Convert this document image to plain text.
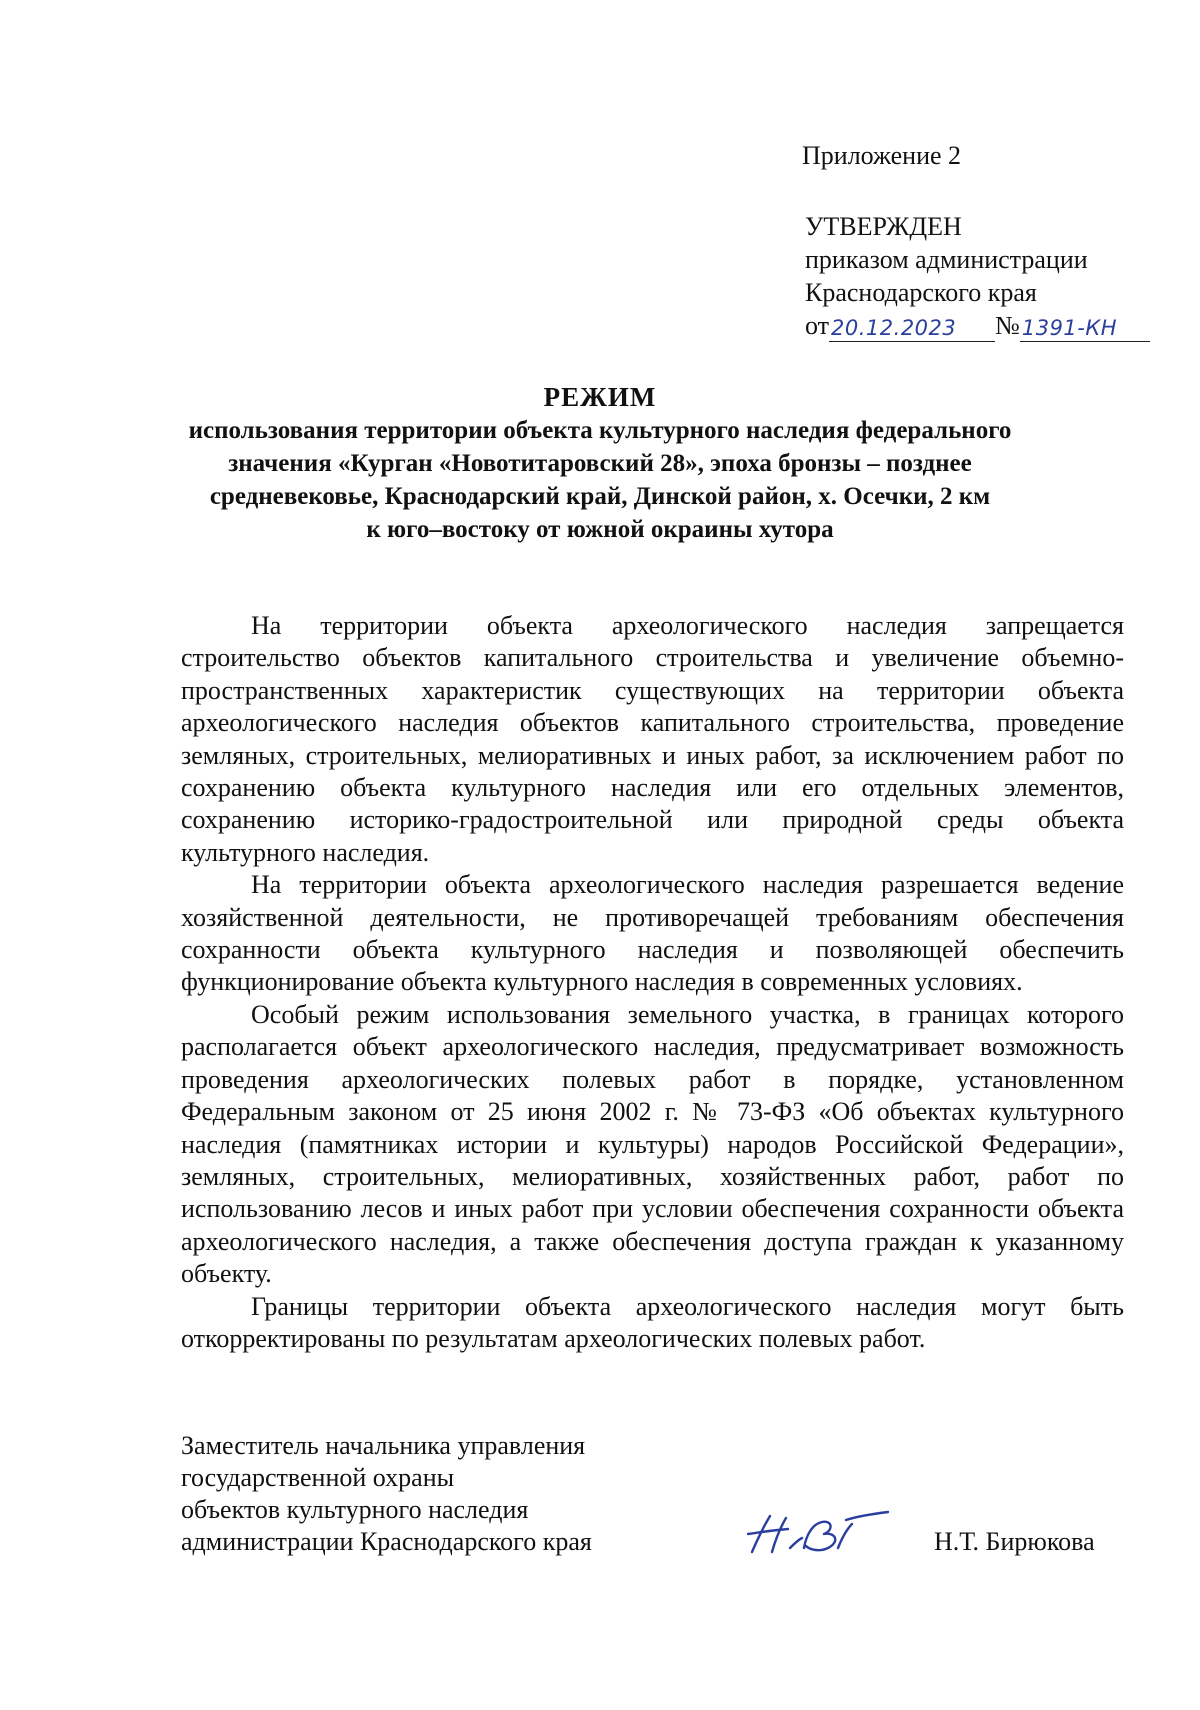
Приложение 2
УТВЕРЖДЕН
приказом администрации
Краснодарского края
от 20.12.2023	№ 1391-КН
РЕЖИМ
использования территории объекта культурного наследия федерального
значения «Курган «Новотитаровский 28», эпоха бронзы – позднее
средневековье, Краснодарский край, Динской район, х. Осечки, 2 км
к юго–востоку от южной окраины хутора

На территории объекта археологического наследия запрещается строительство объектов капитального строительства и увеличение объемно-пространственных характеристик существующих на территории объекта археологического наследия объектов капитального строительства, проведение земляных, строительных, мелиоративных и иных работ, за исключением работ по сохранению объекта культурного наследия или его отдельных элементов, сохранению историко-градостроительной или природной среды объекта культурного наследия.

На территории объекта археологического наследия разрешается ведение хозяйственной деятельности, не противоречащей требованиям обеспечения сохранности объекта культурного наследия и позволяющей обеспечить функционирование объекта культурного наследия в современных условиях.

Особый режим использования земельного участка, в границах которого располагается объект археологического наследия, предусматривает возможность проведения археологических полевых работ в порядке, установленном Федеральным законом от 25 июня 2002 г. № 73-ФЗ «Об объектах культурного наследия (памятниках истории и культуры) народов Российской Федерации», земляных, строительных, мелиоративных, хозяйственных работ, работ по использованию лесов и иных работ при условии обеспечения сохранности объекта археологического наследия, а также обеспечения доступа граждан к указанному объекту.

Границы территории объекта археологического наследия могут быть откорректированы по результатам археологических полевых работ.

Заместитель начальника управления
государственной охраны
объектов культурного наследия
администрации Краснодарского края	Н.Т. Бирюкова
